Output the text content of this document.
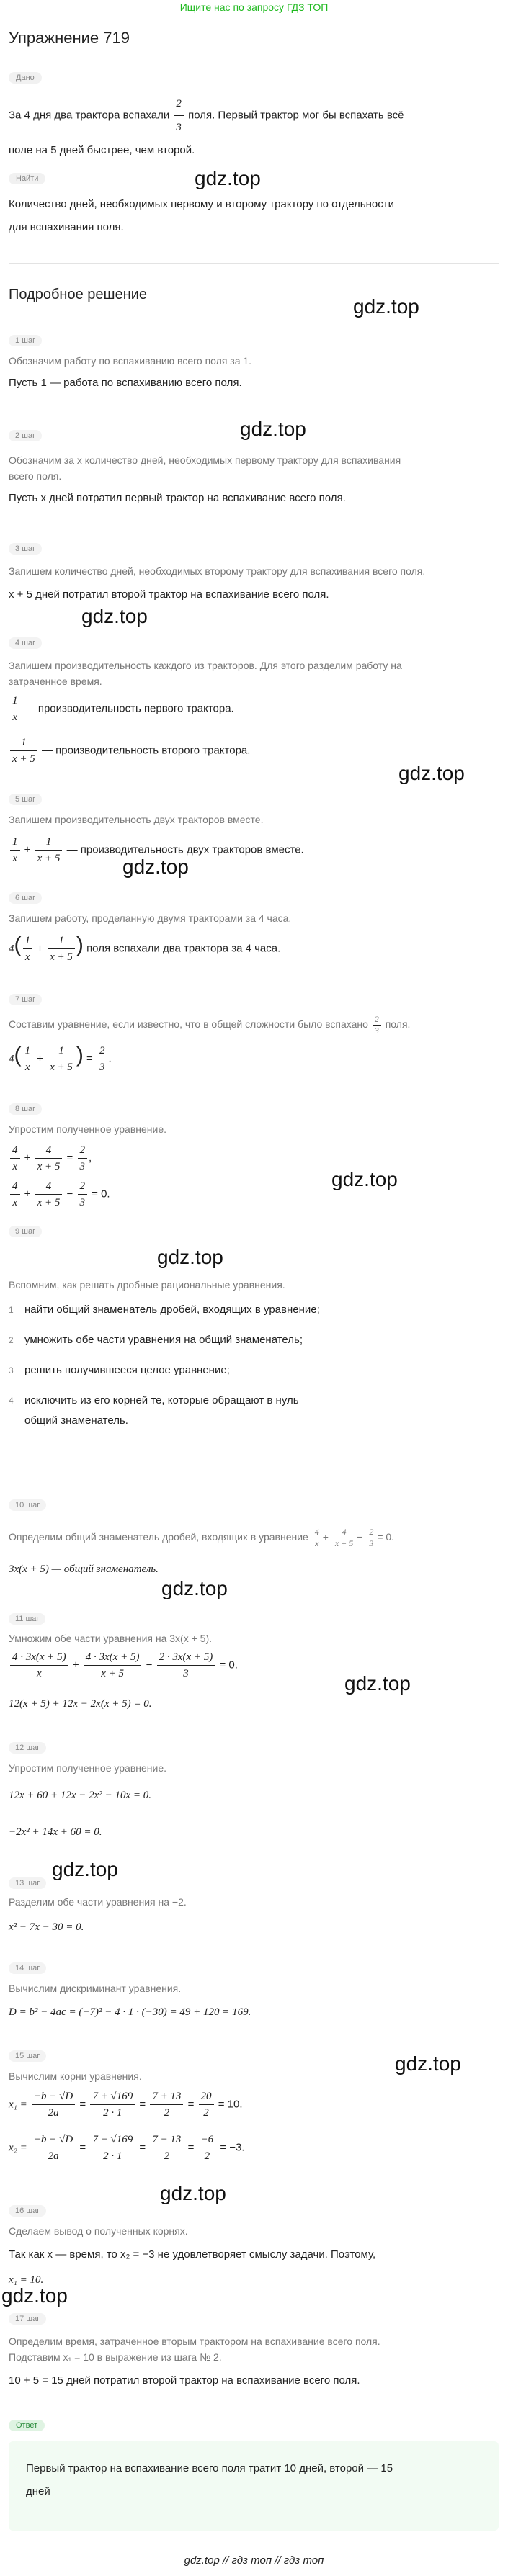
Ищите нас по запросу ГДЗ ТОП
Упражнение 719
Дано
За 4 дня два трактора вспахали $\frac{2}{3}$ поля. Первый трактор мог бы вспахать всё
поле на 5 дней быстрее, чем второй.
Найти
Количество дней, необходимых первому и второму трактору по отдельности
для вспахивания поля.
gdz.top
Подробное решение
gdz.top
1 шаг
Обозначим работу по вспахиванию всего поля за 1.
Пусть 1 — работа по вспахиванию всего поля.
gdz.top
2 шаг
Обозначим за x количество дней, необходимых первому трактору для вспахивания
всего поля.
Пусть x дней потратил первый трактор на вспахивание всего поля.
3 шаг
Запишем количество дней, необходимых второму трактору для вспахивания всего поля.
x + 5 дней потратил второй трактор на вспахивание всего поля.
gdz.top
4 шаг
Запишем производительность каждого из тракторов. Для этого разделим работу на
затраченное время.
$\frac{1}{x}$ — производительность первого трактора.
$\frac{1}{x + 5}$ — производительность второго трактора.
gdz.top
5 шаг
Запишем производительность двух тракторов вместе.
$\frac{1}{x} + \frac{1}{x + 5}$ — производительность двух тракторов вместе.
gdz.top
6 шаг
Запишем работу, проделанную двумя тракторами за 4 часа.
$4( \frac{1}{x} + \frac{1}{x + 5}$ ) поля вспахали два трактора за 4 часа.
7 шаг
Составим уравнение, если известно, что в общей сложности было вспахано $\frac{2}{3}$ поля.
$4( \frac{1}{x} + \frac{1}{x + 5}$ ) = $\frac{2}{3}$ .
8 шаг
Упростим полученное уравнение.
$\frac{4}{x} + \frac{4}{x + 5} = \frac{2}{3}$ ,
$\frac{4}{x} + \frac{4}{x + 5} - \frac{2}{3} = 0$.
gdz.top
gdz.top
9 шаг
Вспомним, как решать дробные рациональные уравнения.
1 найти общий знаменатель дробей, входящих в уравнение;
2 умножить обе части уравнения на общий знаменатель;
3 решить получившееся целое уравнение;
4 исключить из его корней те, которые обращают в нуль общий знаменатель.
10 шаг
Определим общий знаменатель дробей, входящих в уравнение $\frac{4}{x} + \frac{4}{x + 5} - \frac{2}{3} = 0$.
3x(x + 5) — общий знаменатель.
gdz.top
11 шаг
Умножим обе части уравнения на 3x(x + 5).
$\frac{4 \cdot 3x(x + 5)}{x} + \frac{4 \cdot 3x(x + 5)}{x + 5} - \frac{2 \cdot 3x(x + 5)}{3} = 0$.
12(x + 5) + 12x − 2x(x + 5) = 0.
gdz.top
12 шаг
Упростим полученное уравнение.
12x + 60 + 12x − 2x² − 10x = 0.
−2x² + 14x + 60 = 0.
gdz.top
13 шаг
Разделим обе части уравнения на −2.
x² − 7x − 30 = 0.
14 шаг
Вычислим дискриминант уравнения.
D = b² − 4ac = (−7)² − 4 · 1 · (−30) = 49 + 120 = 169.
gdz.top
15 шаг
Вычислим корни уравнения.
$x_1 = \frac{-b + √D}{2a} = \frac{7 + √169}{2 \cdot 1} = \frac{7 + 13}{2} = \frac{20}{2} = 10$.
$x_2 = \frac{-b - √D}{2a} = \frac{7 - √169}{2 \cdot 1} = \frac{7 - 13}{2} = \frac{-6}{2} = -3$.
gdz.top
16 шаг
Сделаем вывод о полученных корнях.
Так как x — время, то x₂ = −3 не удовлетворяет смыслу задачи. Поэтому,
x₁ = 10.
gdz.top
17 шаг
Определим время, затраченное вторым трактором на вспахивание всего поля.
Подставим x₁ = 10 в выражение из шага № 2.
10 + 5 = 15 дней потратил второй трактор на вспахивание всего поля.
Ответ
Первый трактор на вспахивание всего поля тратит 10 дней, второй — 15
дней
gdz.top // гдз топ // гдз топ
